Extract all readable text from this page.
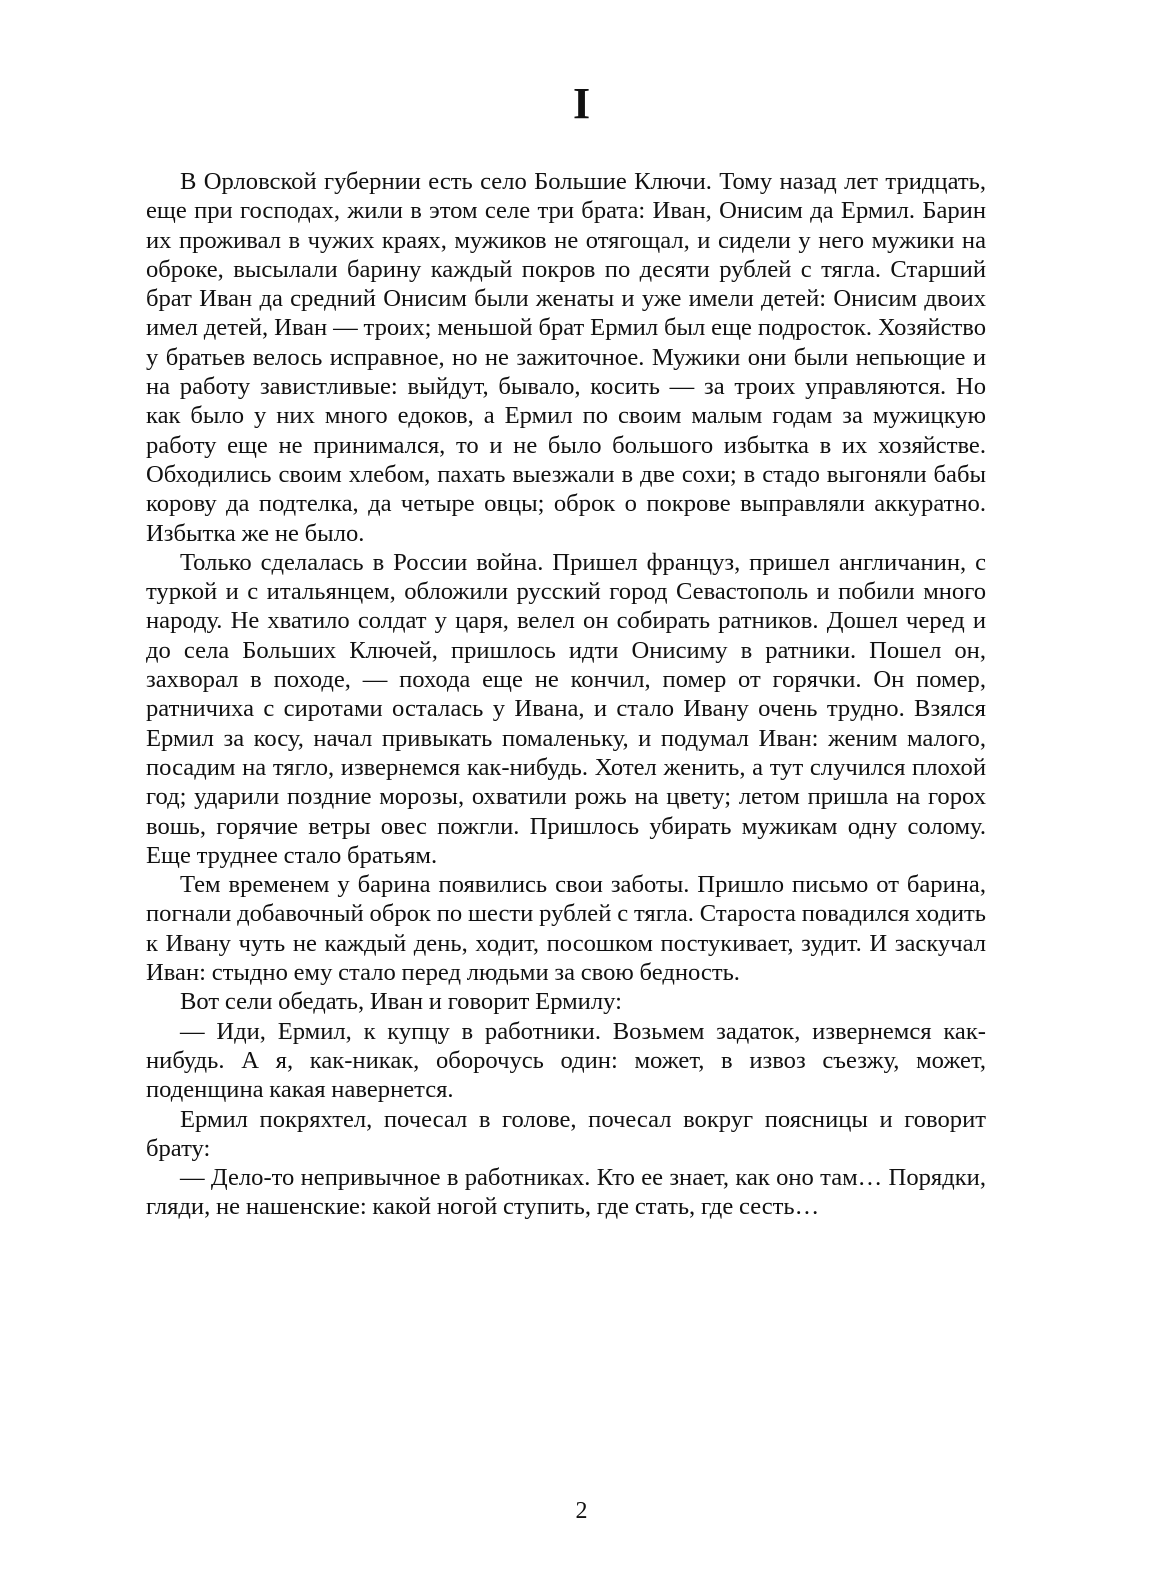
I

В Орловской губернии есть село Большие Ключи. Тому назад лет тридцать, еще при господах, жили в этом селе три брата: Иван, Онисим да Ермил. Барин их проживал в чужих краях, мужиков не отягощал, и сидели у него мужики на оброке, высылали барину каждый покров по десяти рублей с тягла. Старший брат Иван да средний Онисим были женаты и уже имели детей: Онисим двоих имел детей, Иван — троих; меньшой брат Ермил был еще подросток. Хозяйство у братьев велось исправное, но не зажиточное. Мужики они были непьющие и на работу завистливые: выйдут, бывало, косить — за троих управляются. Но как было у них много едоков, а Ермил по своим малым годам за мужицкую работу еще не принимался, то и не было большого избытка в их хозяйстве. Обходились своим хлебом, пахать выезжали в две сохи; в стадо выгоняли бабы корову да подтелка, да четыре овцы; оброк о покрове выправляли аккуратно. Избытка же не было.

Только сделалась в России война. Пришел француз, пришел англичанин, с туркой и с итальянцем, обложили русский город Севастополь и побили много народу. Не хватило солдат у царя, велел он собирать ратников. Дошел черед и до села Больших Ключей, пришлось идти Онисиму в ратники. Пошел он, захворал в походе, — похода еще не кончил, помер от горячки. Он помер, ратничиха с сиротами осталась у Ивана, и стало Ивану очень трудно. Взялся Ермил за косу, начал привыкать помаленьку, и подумал Иван: женим малого, посадим на тягло, извернемся как-нибудь. Хотел женить, а тут случился плохой год; ударили поздние морозы, охватили рожь на цвету; летом пришла на горох вошь, горячие ветры овес пожгли. Пришлось убирать мужикам одну солому. Еще труднее стало братьям.

Тем временем у барина появились свои заботы. Пришло письмо от барина, погнали добавочный оброк по шести рублей с тягла. Староста повадился ходить к Ивану чуть не каждый день, ходит, посошком постукивает, зудит. И заскучал Иван: стыдно ему стало перед людьми за свою бедность.

Вот сели обедать, Иван и говорит Ермилу:

— Иди, Ермил, к купцу в работники. Возьмем задаток, извернемся как-нибудь. А я, как-никак, оборочусь один: может, в извоз съезжу, может, поденщина какая навернется.

Ермил покряхтел, почесал в голове, почесал вокруг поясницы и говорит брату:

— Дело-то непривычное в работниках. Кто ее знает, как оно там… Порядки, гляди, не нашенские: какой ногой ступить, где стать, где сесть…

2
